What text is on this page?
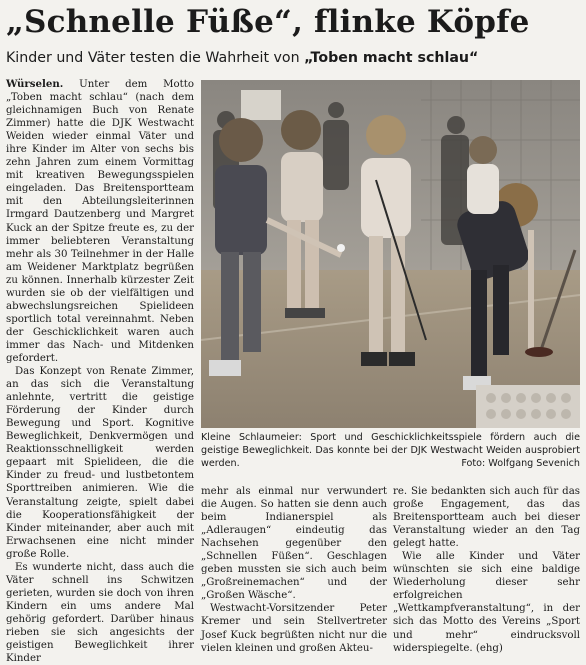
„Schnelle Füße“, flinke Köpfe
Kinder und Väter testen die Wahrheit von „Toben macht schlau“

Würselen. Unter dem Motto „Toben macht schlau“ (nach dem gleichnamigen Buch von Renate Zimmer) hatte die DJK Westwacht Weiden wieder einmal Väter und ihre Kinder im Alter von sechs bis zehn Jahren zum einem Vormittag mit kreativen Bewegungsspielen eingeladen. Das Breitensportteam mit den Abteilungsleiterinnen Irmgard Dautzenberg und Margret Kuck an der Spitze freute es, zu der immer beliebteren Veranstaltung mehr als 30 Teilnehmer in der Halle am Weidener Marktplatz begrüßen zu können. Innerhalb kürzester Zeit wurden sie ob der vielfältigen und abwechslungsreichen Spielideen sportlich total vereinnahmt. Neben der Geschicklichkeit waren auch immer das Nach- und Mitdenken gefordert.

Das Konzept von Renate Zimmer, an das sich die Veranstaltung anlehnte, vertritt die geistige Förderung der Kinder durch Bewegung und Sport. Kognitive Beweglichkeit, Denkvermögen und Reaktionsschnelligkeit werden gepaart mit Spielideen, die die Kinder zu freud- und lustbetontem Sporttreiben animieren. Wie die Veranstaltung zeigte, spielt dabei die Kooperationsfähigkeit der Kinder miteinander, aber auch mit Erwachsenen eine nicht minder große Rolle.

Es wunderte nicht, dass auch die Väter schnell ins Schwitzen gerieten, wurden sie doch von ihren Kindern ein ums andere Mal gehörig gefordert. Darüber hinaus rieben sie sich angesichts der geistigen Beweglichkeit ihrer Kinder

Kleine Schlaumeier: Sport und Geschicklichkeitsspiele fördern auch die geistige Beweglichkeit. Das konnte bei der DJK Westwacht Weiden ausprobiert werden.	Foto: Wolfgang Sevenich

mehr als einmal nur verwundert die Augen. So hatten sie denn auch beim Indianerspiel als „Adleraugen“ eindeutig das Nachsehen gegenüber den „Schnellen Füßen“. Geschlagen geben mussten sie sich auch beim „Großreinemachen“ und der „Großen Wäsche“.

Westwacht-Vorsitzender Peter Kremer und sein Stellvertreter Josef Kuck begrüßten nicht nur die vielen kleinen und großen Akteu-

re. Sie bedankten sich auch für das große Engagement, das das Breitensportteam auch bei dieser Veranstaltung wieder an den Tag gelegt hatte.

Wie alle Kinder und Väter wünschten sie sich eine baldige Wiederholung dieser sehr erfolgreichen „Wettkampfveranstaltung“, in der sich das Motto des Vereins „Sport und mehr“ eindrucksvoll widerspiegelte. (ehg)
